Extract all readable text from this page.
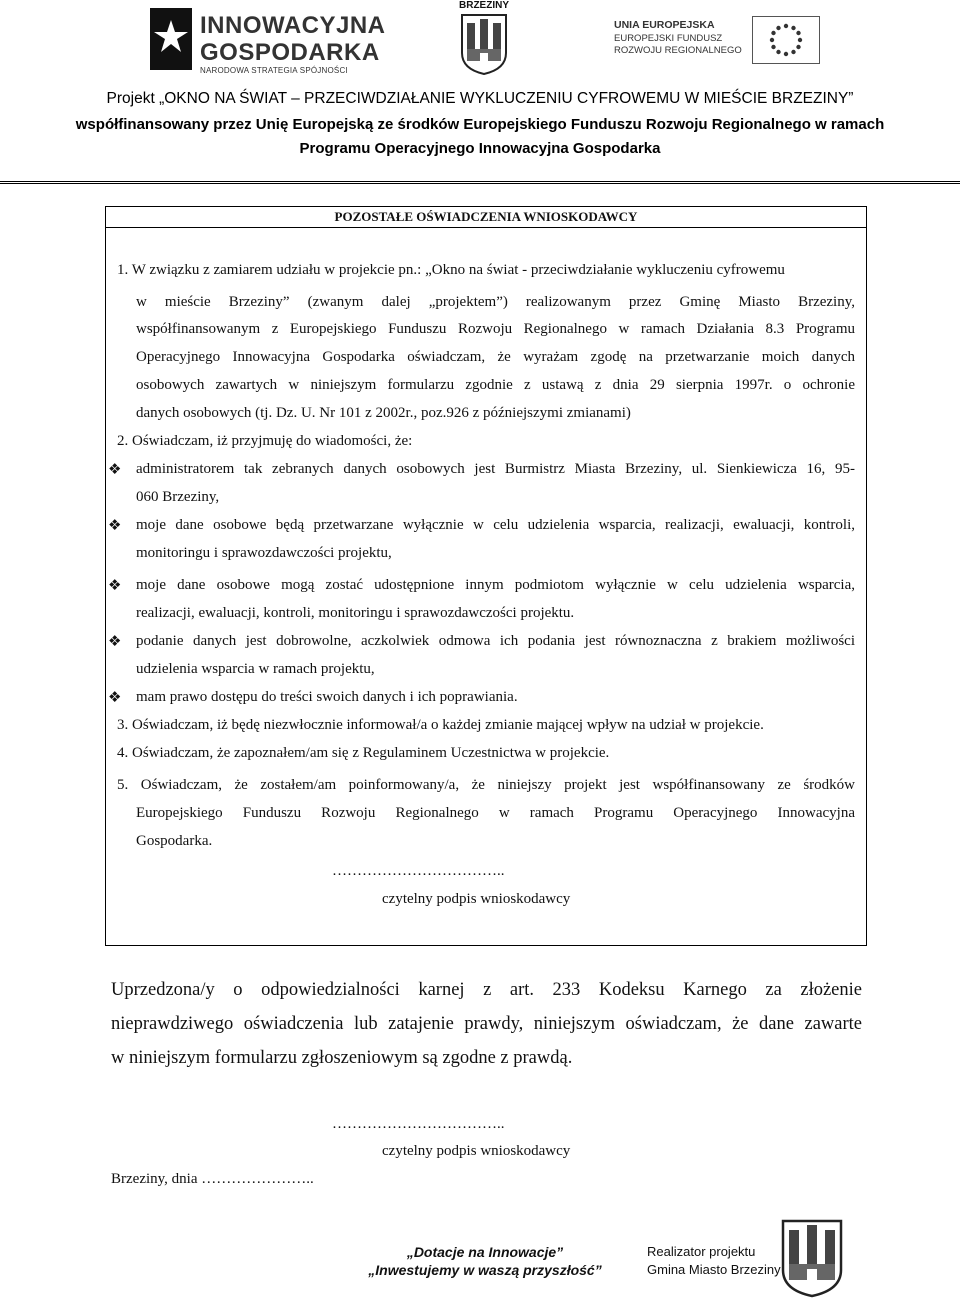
INNOWACYJNA
GOSPODARKA
NARODOWA STRATEGIA SPÓJNOŚCI
BRZEZINY
UNIA EUROPEJSKA
EUROPEJSKI FUNDUSZ
ROZWOJU REGIONALNEGO
Projekt „OKNO NA ŚWIAT – PRZECIWDZIAŁANIE WYKLUCZENIU CYFROWEMU W MIEŚCIE BRZEZINY”
współfinansowany przez Unię Europejską ze środków Europejskiego Funduszu Rozwoju Regionalnego w ramach
Programu Operacyjnego Innowacyjna Gospodarka
POZOSTAŁE OŚWIADCZENIA WNIOSKODAWCY
1. W związku z zamiarem udziału w projekcie pn.: „Okno na świat - przeciwdziałanie wykluczeniu cyfrowemu
w mieście Brzeziny” (zwanym dalej „projektem”) realizowanym przez Gminę Miasto Brzeziny,
współfinansowanym z Europejskiego Funduszu Rozwoju Regionalnego w ramach Działania 8.3 Programu
Operacyjnego Innowacyjna Gospodarka oświadczam, że wyrażam zgodę na przetwarzanie moich danych
osobowych zawartych w niniejszym formularzu zgodnie z ustawą z dnia 29 sierpnia 1997r. o ochronie
danych osobowych (tj. Dz. U. Nr 101 z 2002r., poz.926 z późniejszymi zmianami)
2. Oświadczam, iż przyjmuję do wiadomości, że:
❖ administratorem tak zebranych danych osobowych jest Burmistrz Miasta Brzeziny, ul. Sienkiewicza 16, 95-
060 Brzeziny,
❖ moje dane osobowe będą przetwarzane wyłącznie w celu udzielenia wsparcia, realizacji, ewaluacji, kontroli,
monitoringu i sprawozdawczości projektu,
❖ moje dane osobowe mogą zostać udostępnione innym podmiotom wyłącznie w celu udzielenia wsparcia,
realizacji, ewaluacji, kontroli, monitoringu i sprawozdawczości projektu.
❖ podanie danych jest dobrowolne, aczkolwiek odmowa ich podania jest równoznaczna z brakiem możliwości
udzielenia wsparcia w ramach projektu,
❖ mam prawo dostępu do treści swoich danych i ich poprawiania.
3. Oświadczam, iż będę niezwłocznie informował/a o każdej zmianie mającej wpływ na udział w projekcie.
4. Oświadczam, że zapoznałem/am się z Regulaminem Uczestnictwa w projekcie.
5. Oświadczam, że zostałem/am poinformowany/a, że niniejszy projekt jest współfinansowany ze środków
Europejskiego Funduszu Rozwoju Regionalnego w ramach Programu Operacyjnego Innowacyjna
Gospodarka.
……………………………..
czytelny podpis wnioskodawcy
Uprzedzona/y o odpowiedzialności karnej z art. 233 Kodeksu Karnego za złożenie
nieprawdziwego oświadczenia lub zatajenie prawdy, niniejszym oświadczam, że dane zawarte
w niniejszym formularzu zgłoszeniowym są zgodne z prawdą.
……………………………..
czytelny podpis wnioskodawcy
Brzeziny, dnia …………………..
„Dotacje na Innowacje”
„Inwestujemy w waszą przyszłość”
Realizator projektu
Gmina Miasto Brzeziny
